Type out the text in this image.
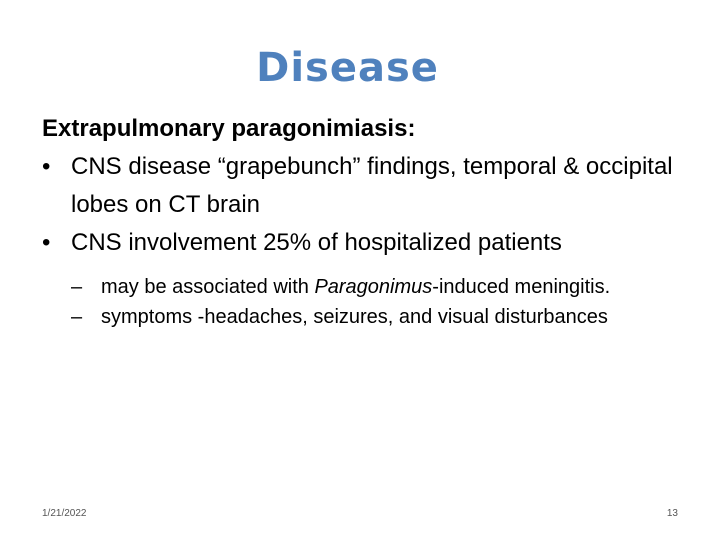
Disease

Extrapulmonary paragonimiasis:

• CNS disease “grapebunch” findings, temporal & occipital lobes on CT brain
• CNS involvement 25% of hospitalized patients
– may be associated with Paragonimus-induced meningitis.
– symptoms -headaches, seizures, and visual disturbances
1/21/2022	13
